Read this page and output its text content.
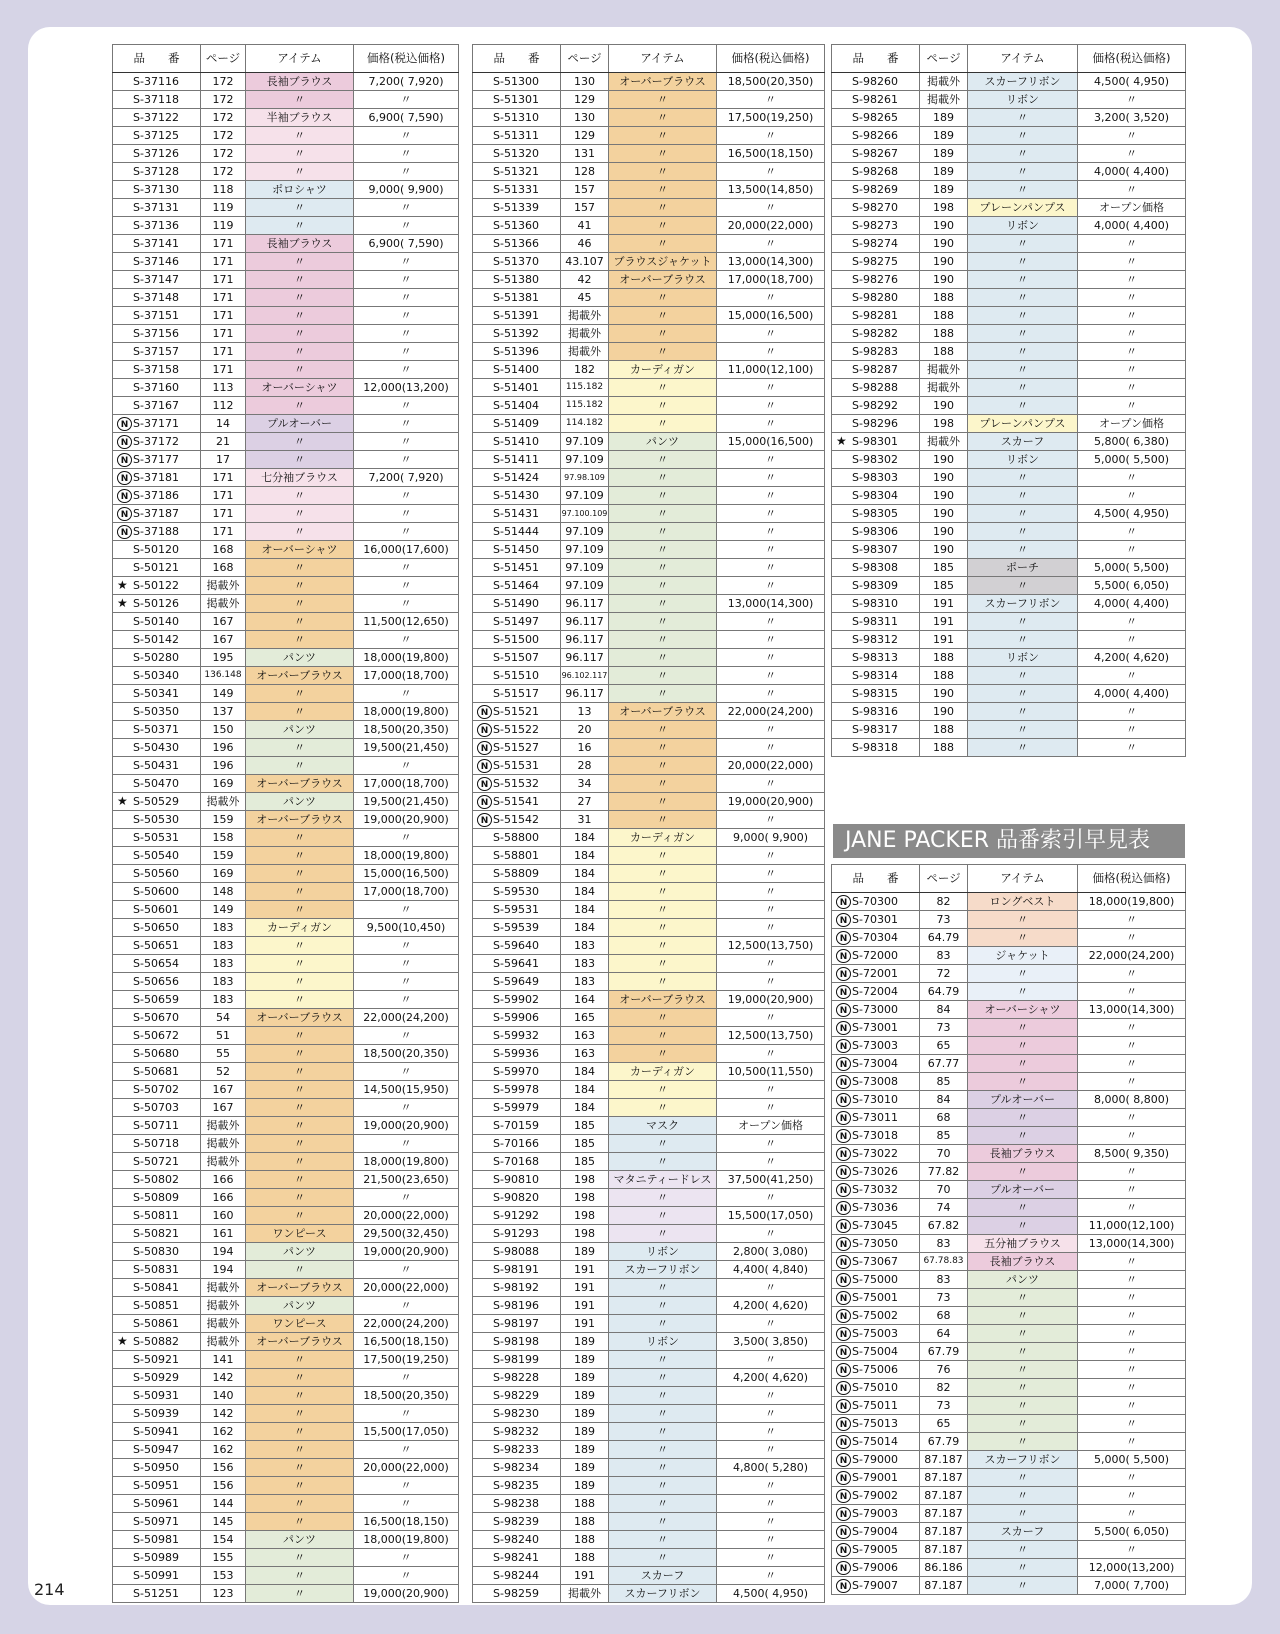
品　　番	ページ	アイテム	価格(税込価格)
S-37116	172	長袖ブラウス	7,200( 7,920)
S-37118	172	〃	〃
S-37122	172	半袖ブラウス	6,900( 7,590)
S-37125	172	〃	〃
S-37126	172	〃	〃
S-37128	172	〃	〃
S-37130	118	ポロシャツ	9,000( 9,900)
S-37131	119	〃	〃
S-37136	119	〃	〃
S-37141	171	長袖ブラウス	6,900( 7,590)
S-37146	171	〃	〃
S-37147	171	〃	〃
S-37148	171	〃	〃
S-37151	171	〃	〃
S-37156	171	〃	〃
S-37157	171	〃	〃
S-37158	171	〃	〃
S-37160	113	オーバーシャツ	12,000(13,200)
S-37167	112	〃	〃
N S-37171	14	プルオーバー	〃
N S-37172	21	〃	〃
N S-37177	17	〃	〃
N S-37181	171	七分袖ブラウス	7,200( 7,920)
N S-37186	171	〃	〃
N S-37187	171	〃	〃
N S-37188	171	〃	〃
S-50120	168	オーバーシャツ	16,000(17,600)
S-50121	168	〃	〃
★ S-50122	掲載外	〃	〃
★ S-50126	掲載外	〃	〃
S-50140	167	〃	11,500(12,650)
S-50142	167	〃	〃
S-50280	195	パンツ	18,000(19,800)
S-50340	136.148	オーバーブラウス	17,000(18,700)
S-50341	149	〃	〃
S-50350	137	〃	18,000(19,800)
S-50371	150	パンツ	18,500(20,350)
S-50430	196	〃	19,500(21,450)
S-50431	196	〃	〃
S-50470	169	オーバーブラウス	17,000(18,700)
★ S-50529	掲載外	パンツ	19,500(21,450)
S-50530	159	オーバーブラウス	19,000(20,900)
S-50531	158	〃	〃
S-50540	159	〃	18,000(19,800)
S-50560	169	〃	15,000(16,500)
S-50600	148	〃	17,000(18,700)
S-50601	149	〃	〃
S-50650	183	カーディガン	9,500(10,450)
S-50651	183	〃	〃
S-50654	183	〃	〃
S-50656	183	〃	〃
S-50659	183	〃	〃
S-50670	54	オーバーブラウス	22,000(24,200)
S-50672	51	〃	〃
S-50680	55	〃	18,500(20,350)
S-50681	52	〃	〃
S-50702	167	〃	14,500(15,950)
S-50703	167	〃	〃
S-50711	掲載外	〃	19,000(20,900)
S-50718	掲載外	〃	〃
S-50721	掲載外	〃	18,000(19,800)
S-50802	166	〃	21,500(23,650)
S-50809	166	〃	〃
S-50811	160	〃	20,000(22,000)
S-50821	161	ワンピース	29,500(32,450)
S-50830	194	パンツ	19,000(20,900)
S-50831	194	〃	〃
S-50841	掲載外	オーバーブラウス	20,000(22,000)
S-50851	掲載外	パンツ	〃
S-50861	掲載外	ワンピース	22,000(24,200)
★ S-50882	掲載外	オーバーブラウス	16,500(18,150)
S-50921	141	〃	17,500(19,250)
S-50929	142	〃	〃
S-50931	140	〃	18,500(20,350)
S-50939	142	〃	〃
S-50941	162	〃	15,500(17,050)
S-50947	162	〃	〃
S-50950	156	〃	20,000(22,000)
S-50951	156	〃	〃
S-50961	144	〃	〃
S-50971	145	〃	16,500(18,150)
S-50981	154	パンツ	18,000(19,800)
S-50989	155	〃	〃
S-50991	153	〃	〃
S-51251	123	〃	19,000(20,900)
品　　番	ページ	アイテム	価格(税込価格)
S-51300	130	オーバーブラウス	18,500(20,350)
S-51301	129	〃	〃
S-51310	130	〃	17,500(19,250)
S-51311	129	〃	〃
S-51320	131	〃	16,500(18,150)
S-51321	128	〃	〃
S-51331	157	〃	13,500(14,850)
S-51339	157	〃	〃
S-51360	41	〃	20,000(22,000)
S-51366	46	〃	〃
S-51370	43.107	ブラウスジャケット	13,000(14,300)
S-51380	42	オーバーブラウス	17,000(18,700)
S-51381	45	〃	〃
S-51391	掲載外	〃	15,000(16,500)
S-51392	掲載外	〃	〃
S-51396	掲載外	〃	〃
S-51400	182	カーディガン	11,000(12,100)
S-51401	115.182	〃	〃
S-51404	115.182	〃	〃
S-51409	114.182	〃	〃
S-51410	97.109	パンツ	15,000(16,500)
S-51411	97.109	〃	〃
S-51424	97.98.109	〃	〃
S-51430	97.109	〃	〃
S-51431	97.100.109	〃	〃
S-51444	97.109	〃	〃
S-51450	97.109	〃	〃
S-51451	97.109	〃	〃
S-51464	97.109	〃	〃
S-51490	96.117	〃	13,000(14,300)
S-51497	96.117	〃	〃
S-51500	96.117	〃	〃
S-51507	96.117	〃	〃
S-51510	96.102.117	〃	〃
S-51517	96.117	〃	〃
N S-51521	13	オーバーブラウス	22,000(24,200)
N S-51522	20	〃	〃
N S-51527	16	〃	〃
N S-51531	28	〃	20,000(22,000)
N S-51532	34	〃	〃
N S-51541	27	〃	19,000(20,900)
N S-51542	31	〃	〃
S-58800	184	カーディガン	9,000( 9,900)
S-58801	184	〃	〃
S-58809	184	〃	〃
S-59530	184	〃	〃
S-59531	184	〃	〃
S-59539	184	〃	〃
S-59640	183	〃	12,500(13,750)
S-59641	183	〃	〃
S-59649	183	〃	〃
S-59902	164	オーバーブラウス	19,000(20,900)
S-59906	165	〃	〃
S-59932	163	〃	12,500(13,750)
S-59936	163	〃	〃
S-59970	184	カーディガン	10,500(11,550)
S-59978	184	〃	〃
S-59979	184	〃	〃
S-70159	185	マスク	オープン価格
S-70166	185	〃	〃
S-70168	185	〃	〃
S-90810	198	マタニティードレス	37,500(41,250)
S-90820	198	〃	〃
S-91292	198	〃	15,500(17,050)
S-91293	198	〃	〃
S-98088	189	リボン	2,800( 3,080)
S-98191	191	スカーフリボン	4,400( 4,840)
S-98192	191	〃	〃
S-98196	191	〃	4,200( 4,620)
S-98197	191	〃	〃
S-98198	189	リボン	3,500( 3,850)
S-98199	189	〃	〃
S-98228	189	〃	4,200( 4,620)
S-98229	189	〃	〃
S-98230	189	〃	〃
S-98232	189	〃	〃
S-98233	189	〃	〃
S-98234	189	〃	4,800( 5,280)
S-98235	189	〃	〃
S-98238	188	〃	〃
S-98239	188	〃	〃
S-98240	188	〃	〃
S-98241	188	〃	〃
S-98244	191	スカーフ	〃
S-98259	掲載外	スカーフリボン	4,500( 4,950)
品　　番	ページ	アイテム	価格(税込価格)
S-98260	掲載外	スカーフリボン	4,500( 4,950)
S-98261	掲載外	リボン	〃
S-98265	189	〃	3,200( 3,520)
S-98266	189	〃	〃
S-98267	189	〃	〃
S-98268	189	〃	4,000( 4,400)
S-98269	189	〃	〃
S-98270	198	プレーンパンプス	オープン価格
S-98273	190	リボン	4,000( 4,400)
S-98274	190	〃	〃
S-98275	190	〃	〃
S-98276	190	〃	〃
S-98280	188	〃	〃
S-98281	188	〃	〃
S-98282	188	〃	〃
S-98283	188	〃	〃
S-98287	掲載外	〃	〃
S-98288	掲載外	〃	〃
S-98292	190	〃	〃
S-98296	198	プレーンパンプス	オープン価格
★ S-98301	掲載外	スカーフ	5,800( 6,380)
S-98302	190	リボン	5,000( 5,500)
S-98303	190	〃	〃
S-98304	190	〃	〃
S-98305	190	〃	4,500( 4,950)
S-98306	190	〃	〃
S-98307	190	〃	〃
S-98308	185	ポーチ	5,000( 5,500)
S-98309	185	〃	5,500( 6,050)
S-98310	191	スカーフリボン	4,000( 4,400)
S-98311	191	〃	〃
S-98312	191	〃	〃
S-98313	188	リボン	4,200( 4,620)
S-98314	188	〃	〃
S-98315	190	〃	4,000( 4,400)
S-98316	190	〃	〃
S-98317	188	〃	〃
S-98318	188	〃	〃
JANE PACKER 品番索引早見表
品　　番	ページ	アイテム	価格(税込価格)
N S-70300	82	ロングベスト	18,000(19,800)
N S-70301	73	〃	〃
N S-70304	64.79	〃	〃
N S-72000	83	ジャケット	22,000(24,200)
N S-72001	72	〃	〃
N S-72004	64.79	〃	〃
N S-73000	84	オーバーシャツ	13,000(14,300)
N S-73001	73	〃	〃
N S-73003	65	〃	〃
N S-73004	67.77	〃	〃
N S-73008	85	〃	〃
N S-73010	84	プルオーバー	8,000( 8,800)
N S-73011	68	〃	〃
N S-73018	85	〃	〃
N S-73022	70	長袖ブラウス	8,500( 9,350)
N S-73026	77.82	〃	〃
N S-73032	70	プルオーバー	〃
N S-73036	74	〃	〃
N S-73045	67.82	〃	11,000(12,100)
N S-73050	83	五分袖ブラウス	13,000(14,300)
N S-73067	67.78.83	長袖ブラウス	〃
N S-75000	83	パンツ	〃
N S-75001	73	〃	〃
N S-75002	68	〃	〃
N S-75003	64	〃	〃
N S-75004	67.79	〃	〃
N S-75006	76	〃	〃
N S-75010	82	〃	〃
N S-75011	73	〃	〃
N S-75013	65	〃	〃
N S-75014	67.79	〃	〃
N S-79000	87.187	スカーフリボン	5,000( 5,500)
N S-79001	87.187	〃	〃
N S-79002	87.187	〃	〃
N S-79003	87.187	〃	〃
N S-79004	87.187	スカーフ	5,500( 6,050)
N S-79005	87.187	〃	〃
N S-79006	86.186	〃	12,000(13,200)
N S-79007	87.187	〃	7,000( 7,700)
214
